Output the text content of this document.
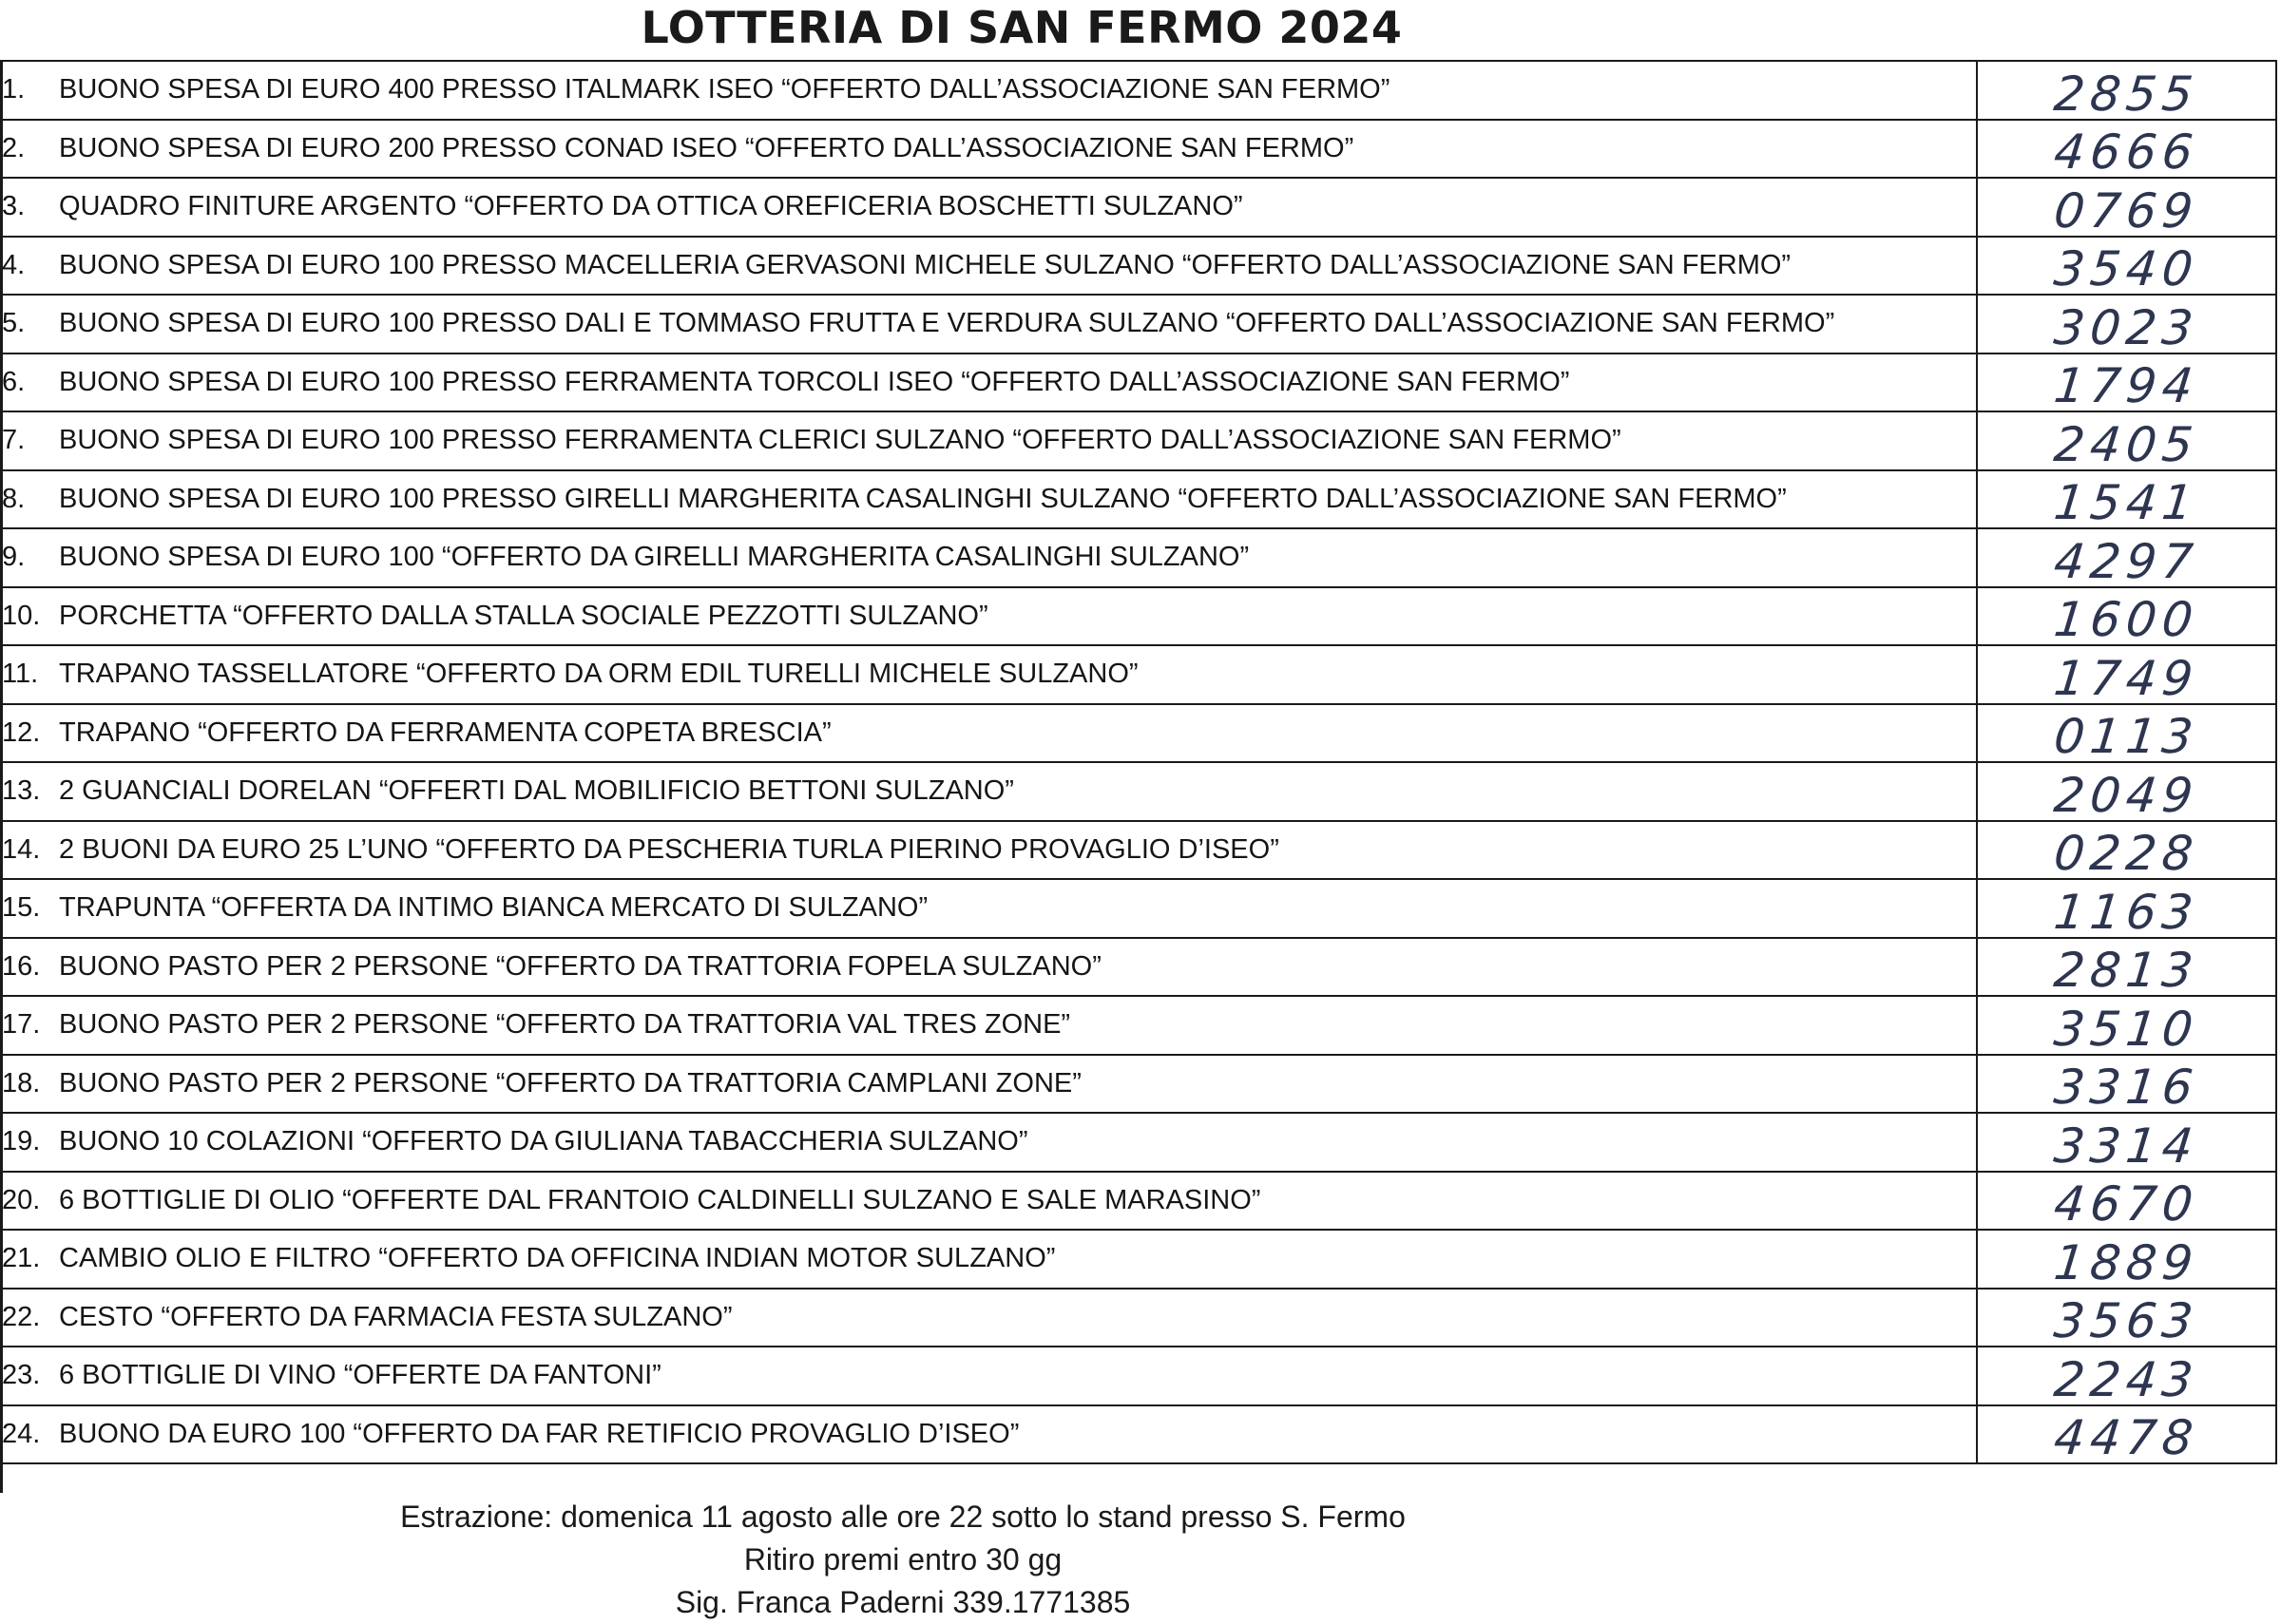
LOTTERIA DI SAN FERMO 2024
1. BUONO SPESA DI EURO 400 PRESSO ITALMARK ISEO “OFFERTO DALL’ASSOCIAZIONE SAN FERMO”	2855
2. BUONO SPESA DI EURO 200 PRESSO CONAD ISEO “OFFERTO DALL’ASSOCIAZIONE SAN FERMO”	4666
3. QUADRO FINITURE ARGENTO “OFFERTO DA OTTICA OREFICERIA BOSCHETTI SULZANO”	0769
4. BUONO SPESA DI EURO 100 PRESSO MACELLERIA GERVASONI MICHELE SULZANO “OFFERTO DALL’ASSOCIAZIONE SAN FERMO”	3540
5. BUONO SPESA DI EURO 100 PRESSO DALI E TOMMASO FRUTTA E VERDURA SULZANO “OFFERTO DALL’ASSOCIAZIONE SAN FERMO”	3023
6. BUONO SPESA DI EURO 100 PRESSO FERRAMENTA TORCOLI ISEO “OFFERTO DALL’ASSOCIAZIONE SAN FERMO”	1794
7. BUONO SPESA DI EURO 100 PRESSO FERRAMENTA CLERICI SULZANO “OFFERTO DALL’ASSOCIAZIONE SAN FERMO”	2405
8. BUONO SPESA DI EURO 100 PRESSO GIRELLI MARGHERITA CASALINGHI SULZANO “OFFERTO DALL’ASSOCIAZIONE SAN FERMO”	1541
9. BUONO SPESA DI EURO 100 “OFFERTO DA GIRELLI MARGHERITA CASALINGHI SULZANO”	4297
10. PORCHETTA “OFFERTO DALLA STALLA SOCIALE PEZZOTTI SULZANO”	1600
11. TRAPANO TASSELLATORE “OFFERTO DA ORM EDIL TURELLI MICHELE SULZANO”	1749
12. TRAPANO “OFFERTO DA FERRAMENTA COPETA BRESCIA”	0113
13. 2 GUANCIALI DORELAN “OFFERTI DAL MOBILIFICIO BETTONI SULZANO”	2049
14. 2 BUONI DA EURO 25 L’UNO “OFFERTO DA PESCHERIA TURLA PIERINO PROVAGLIO D’ISEO”	0228
15. TRAPUNTA “OFFERTA DA INTIMO BIANCA MERCATO DI SULZANO”	1163
16. BUONO PASTO PER 2 PERSONE “OFFERTO DA TRATTORIA FOPELA SULZANO”	2813
17. BUONO PASTO PER 2 PERSONE “OFFERTO DA TRATTORIA VAL TRES ZONE”	3510
18. BUONO PASTO PER 2 PERSONE “OFFERTO DA TRATTORIA CAMPLANI ZONE”	3316
19. BUONO 10 COLAZIONI “OFFERTO DA GIULIANA TABACCHERIA SULZANO”	3314
20. 6 BOTTIGLIE DI OLIO “OFFERTE DAL FRANTOIO CALDINELLI SULZANO E SALE MARASINO”	4670
21. CAMBIO OLIO E FILTRO “OFFERTO DA OFFICINA INDIAN MOTOR SULZANO”	1889
22. CESTO “OFFERTO DA FARMACIA FESTA SULZANO”	3563
23. 6 BOTTIGLIE DI VINO “OFFERTE DA FANTONI”	2243
24. BUONO DA EURO 100 “OFFERTO DA FAR RETIFICIO PROVAGLIO D’ISEO”	4478
Estrazione: domenica 11 agosto alle ore 22 sotto lo stand presso S. Fermo
Ritiro premi entro 30 gg
Sig. Franca Paderni 339.1771385
